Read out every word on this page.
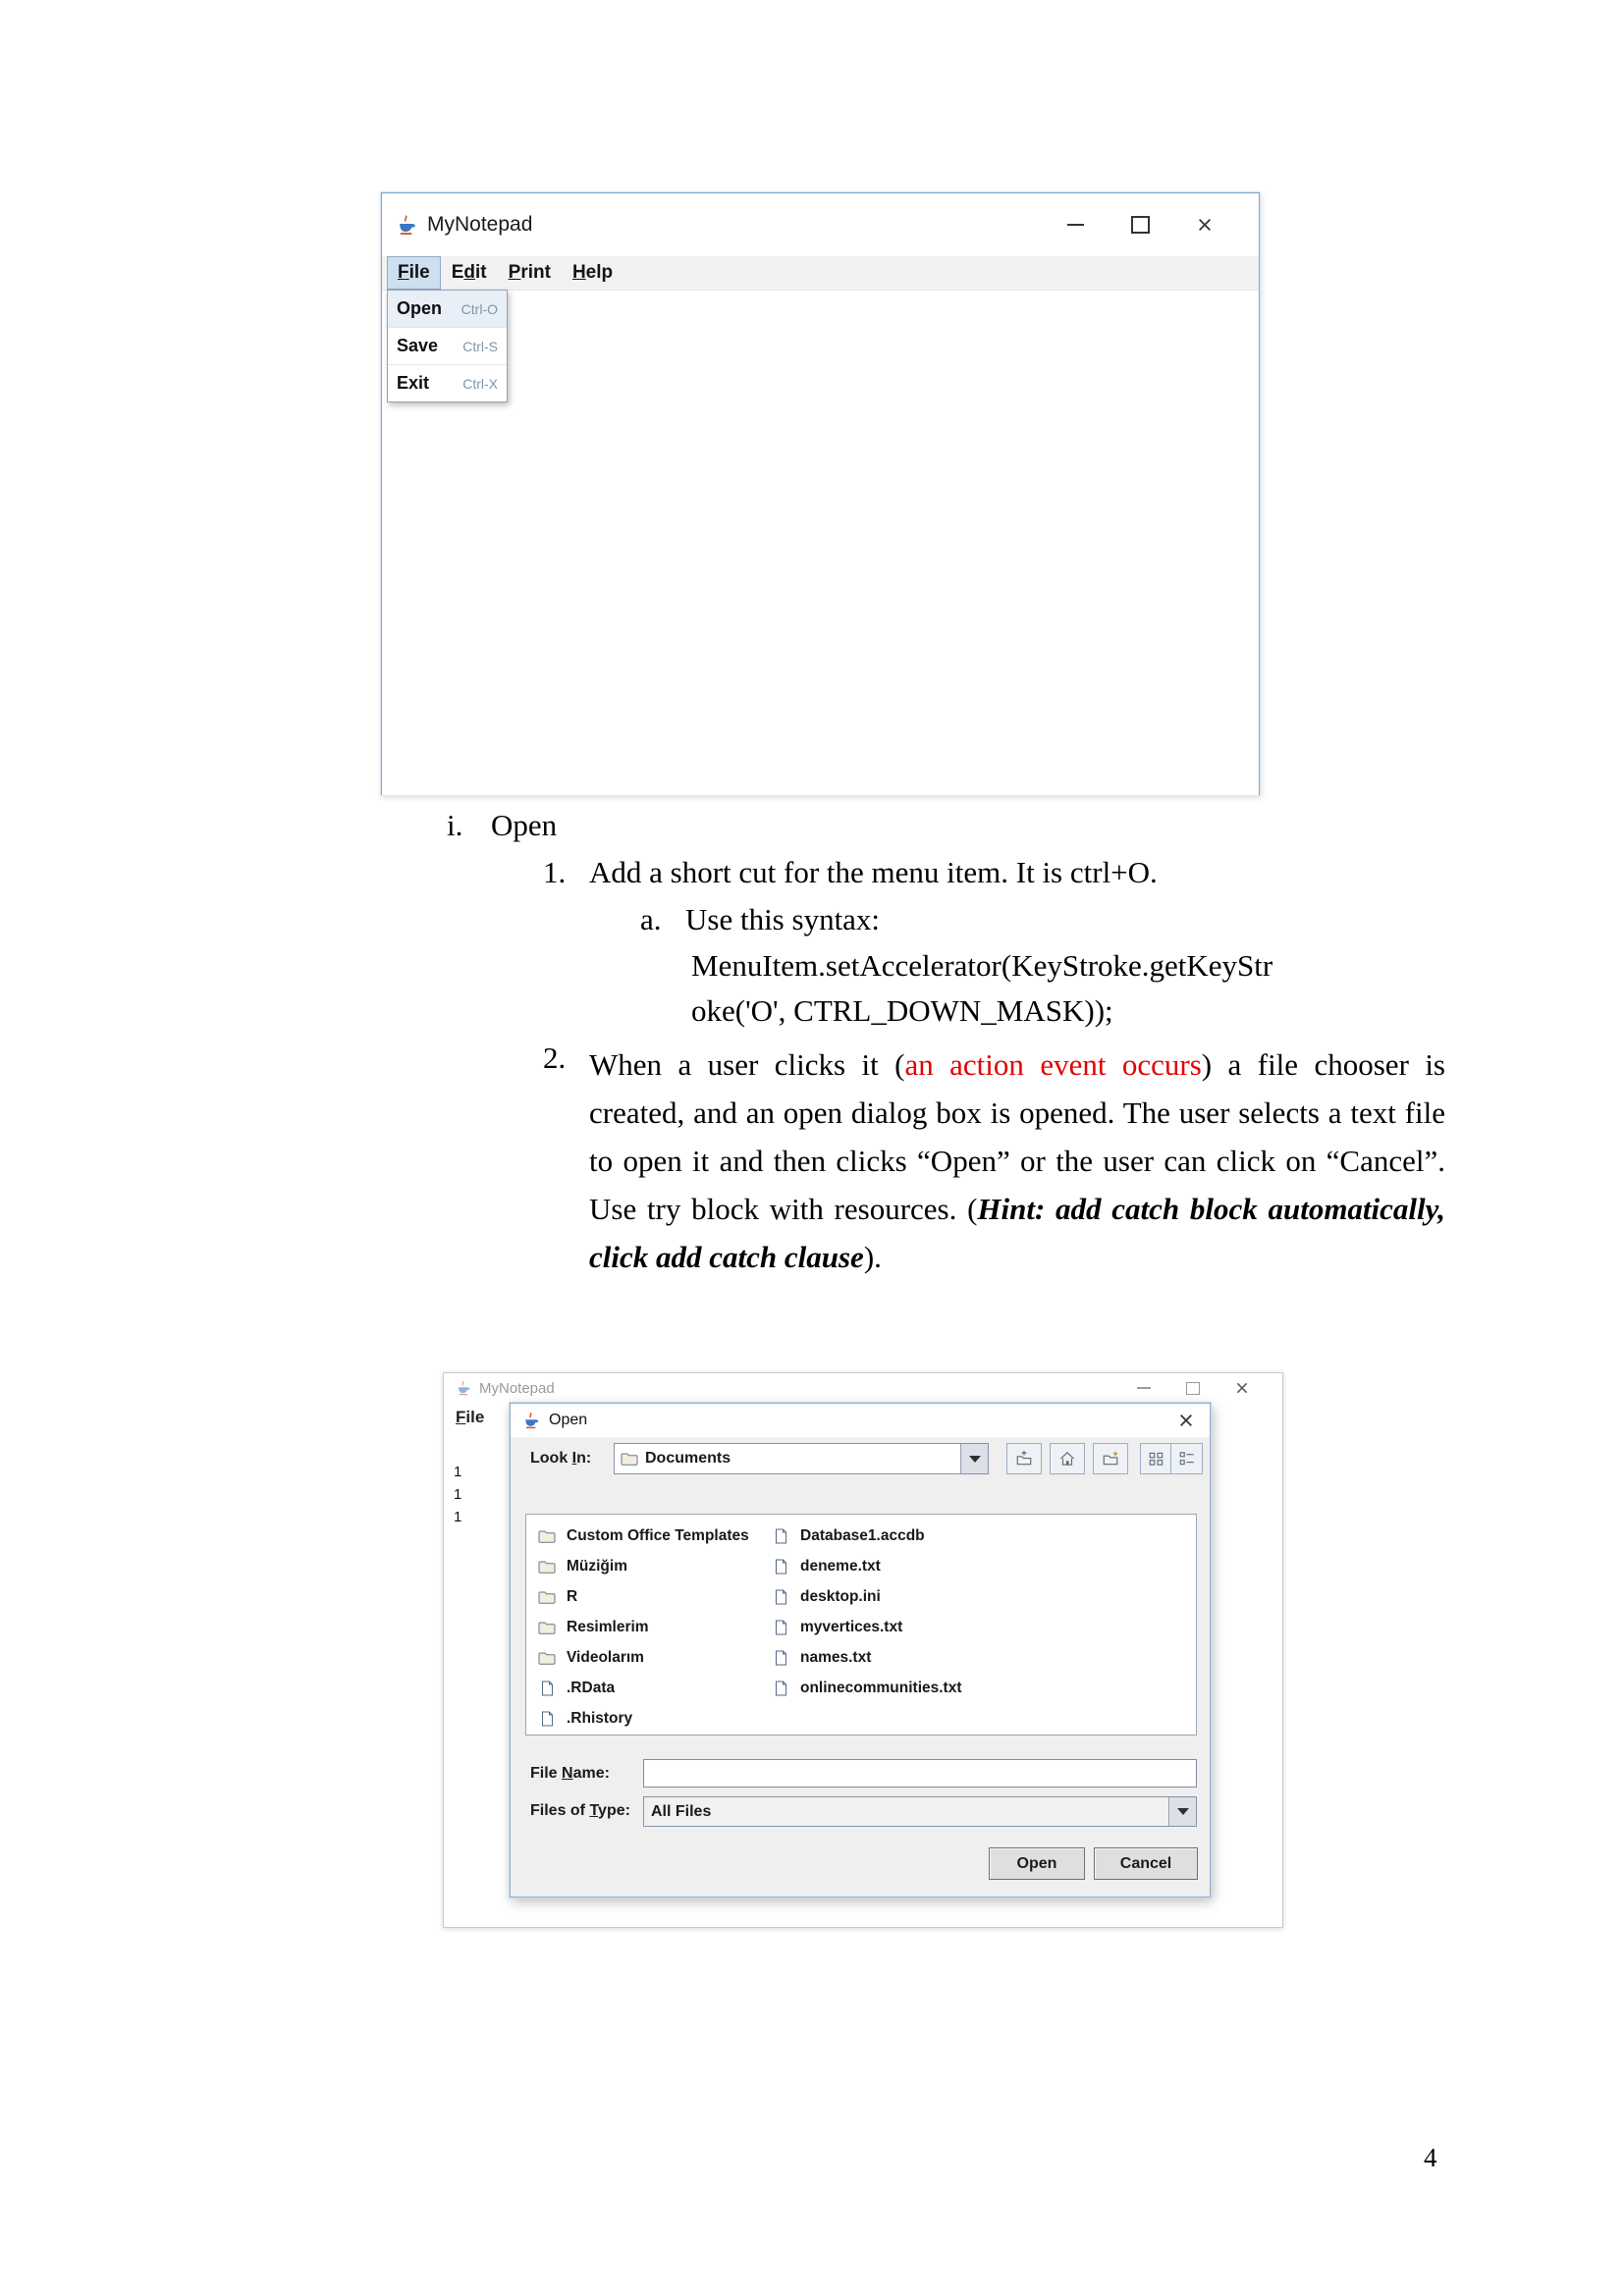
MyNotepad
F ile E d it P rint H elp
Open Ctrl-O
Save Ctrl-S
Exit Ctrl-X
i. Open
1. Add a short cut for the menu item. It is ctrl+O.
a. Use this syntax:
MenuItem.setAccelerator(KeyStroke.getKeyStr
oke('O', CTRL_DOWN_MASK));
2. When a user clicks it (an action event occurs) a file chooser is created, and an open dialog box is opened. The user selects a text file to open it and then clicks “Open” or the user can click on “Cancel”. Use try block with resources. (Hint: add catch block automatically, click add catch clause).
MyNotepad
File
1
1
1
Open
Look In:	Documents
Custom Office Templates
Müziğim
R
Resimlerim
Videolarım
.RData
.Rhistory
Database1.accdb
deneme.txt
desktop.ini
myvertices.txt
names.txt
onlinecommunities.txt
File Name:
Files of Type: All Files
Open	Cancel
4
